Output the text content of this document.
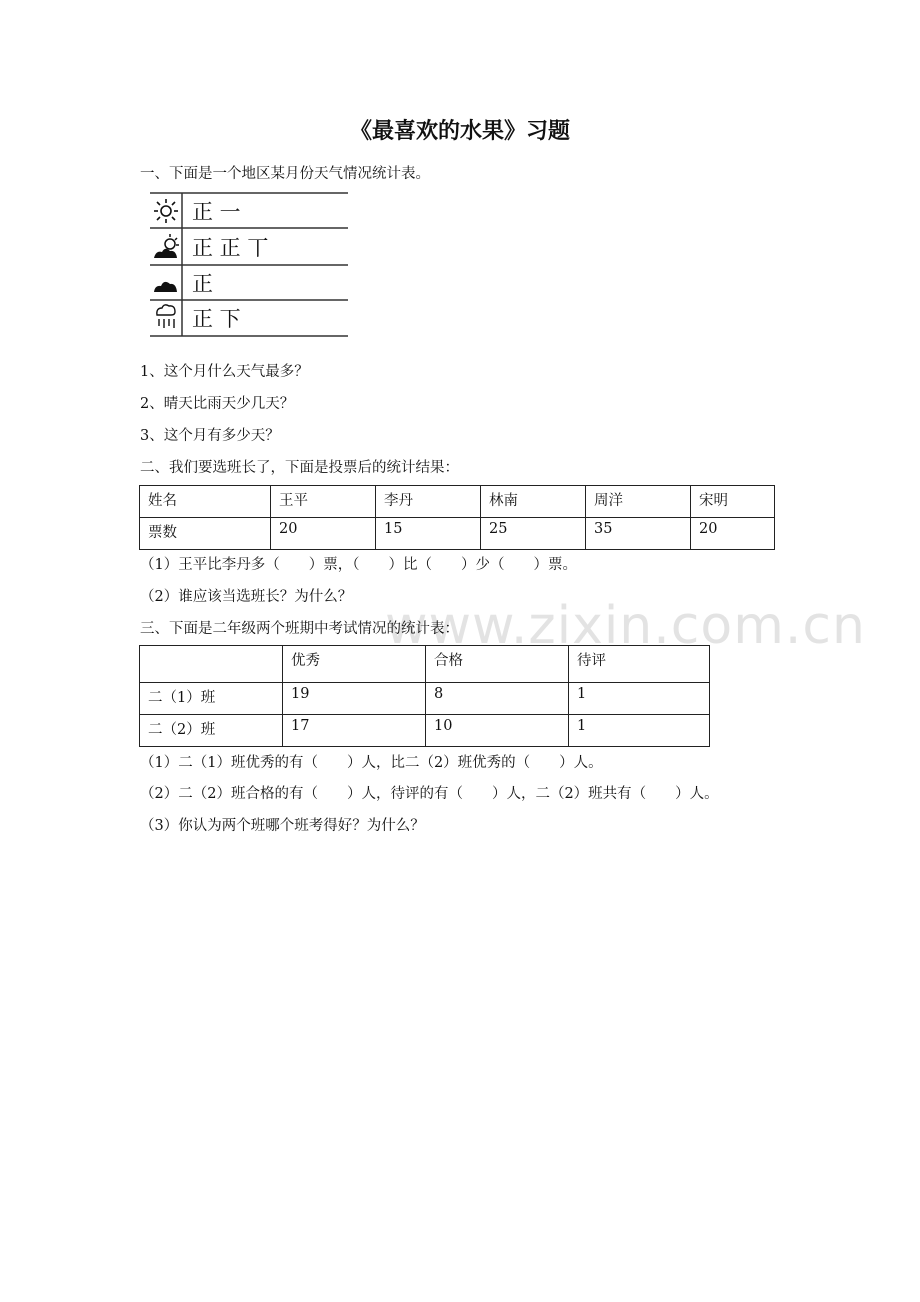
www.zixin.com.cn
《最喜欢的水果》习题
一、下面是一个地区某月份天气情况统计表。
正 一
正 正 丅
正
正 下
1、这个月什么天气最多？
2、晴天比雨天少几天？
3、这个月有多少天？
二、我们要选班长了，下面是投票后的统计结果：
姓名	王平	李丹	林南	周洋	宋明
票数	20	15	25	35	20
（1）王平比李丹多（　　）票，（　　）比（　　）少（　　）票。
（2）谁应该当选班长？为什么？
三、下面是二年级两个班期中考试情况的统计表：
	优秀	合格	待评
二（1）班	19	8	1
二（2）班	17	10	1
（1）二（1）班优秀的有（　　）人，比二（2）班优秀的（　　）人。
（2）二（2）班合格的有（　　）人，待评的有（　　）人，二（2）班共有（　　）人。
（3）你认为两个班哪个班考得好？为什么？
